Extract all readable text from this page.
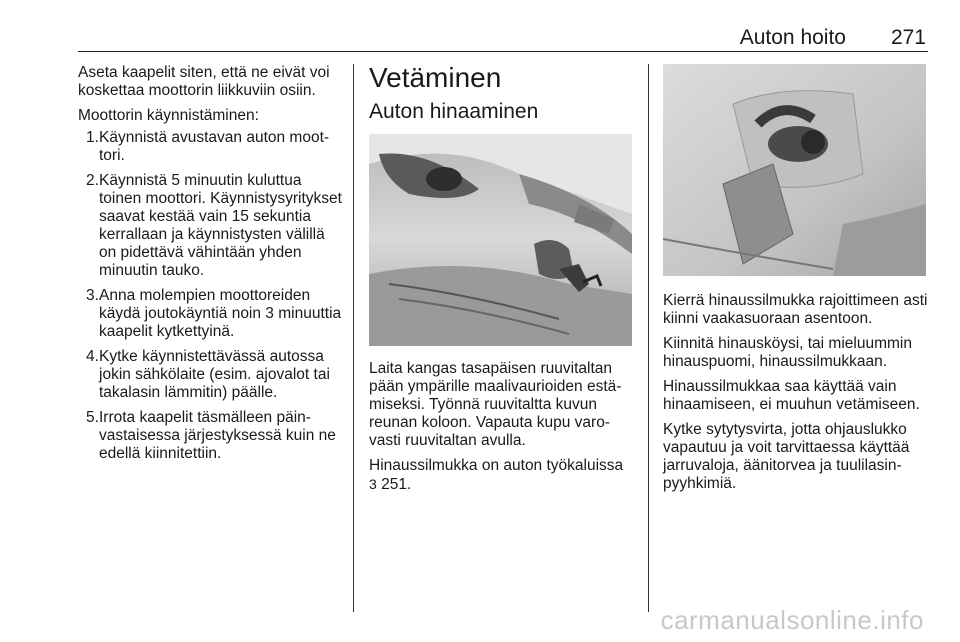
Auton hoito 271

Aseta kaapelit siten, että ne eivät voi koskettaa moottorin liikkuviin osiin.

Moottorin käynnistäminen:

1. Käynnistä avustavan auton moottori.
2. Käynnistä 5 minuutin kuluttua toinen moottori. Käynnistysyritykset saavat kestää vain 15 sekuntia kerrallaan ja käynnistysten välillä on pidettävä vähintään yhden minuutin tauko.
3. Anna molempien moottoreiden käydä joutokäyntiä noin 3 minuuttia kaapelit kytkettyinä.
4. Kytke käynnistettävässä autossa jokin sähkölaite (esim. ajovalot tai takalasin lämmitin) päälle.
5. Irrota kaapelit täsmälleen päinvastaisessa järjestyksessä kuin ne edellä kiinnitettiin.
Vetäminen
Auton hinaaminen

Laita kangas tasapäisen ruuvitaltan pään ympärille maalivaurioiden estämiseksi. Työnnä ruuvitaltta kuvun reunan koloon. Vapauta kupu varovasti ruuvitaltan avulla.

Hinaussilmukka on auton työkaluissa
3 251.

Kierrä hinaussilmukka rajoittimeen asti kiinni vaakasuoraan asentoon.

Kiinnitä hinausköysi, tai mieluummin hinauspuomi, hinaussilmukkaan.

Hinaussilmukkaa saa käyttää vain hinaamiseen, ei muuhun vetämiseen.

Kytke sytytysvirta, jotta ohjauslukko vapautuu ja voit tarvittaessa käyttää jarruvaloja, äänitorvea ja tuulilasinpyyhkimiä.

carmanualsonline.info
